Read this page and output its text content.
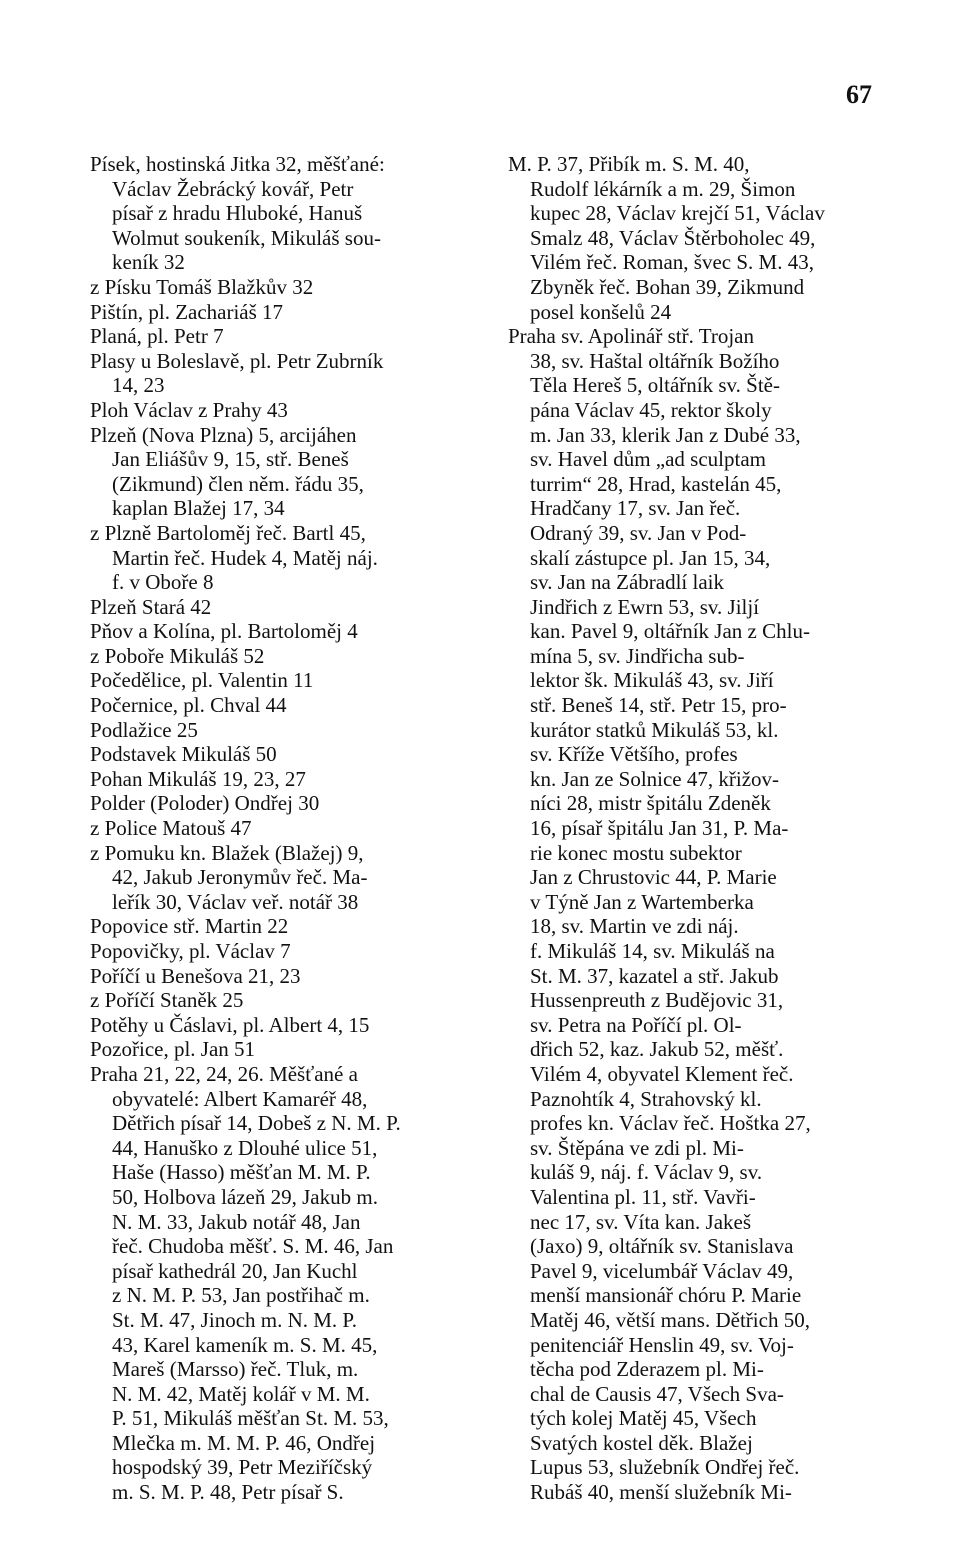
67

Písek, hostinská Jitka 32, měšťané:
Václav Žebrácký kovář, Petr
písař z hradu Hluboké, Hanuš
Wolmut soukeník, Mikuláš sou-
keník 32

z Písku Tomáš Blažkův 32

Pištín, pl. Zachariáš 17

Planá, pl. Petr 7

Plasy u Boleslavě, pl. Petr Zubrník
14, 23

Ploh Václav z Prahy 43

Plzeň (Nova Plzna) 5, arcijáhen
Jan Eliášův 9, 15, stř. Beneš
(Zikmund) člen něm. řádu 35,
kaplan Blažej 17, 34

z Plzně Bartoloměj řeč. Bartl 45,
Martin řeč. Hudek 4, Matěj náj.
f. v Oboře 8

Plzeň Stará 42

Pňov a Kolína, pl. Bartoloměj 4

z Poboře Mikuláš 52

Počedělice, pl. Valentin 11

Počernice, pl. Chval 44

Podlažice 25

Podstavek Mikuláš 50

Pohan Mikuláš 19, 23, 27

Polder (Poloder) Ondřej 30

z Police Matouš 47

z Pomuku kn. Blažek (Blažej) 9,
42, Jakub Jeronymův řeč. Ma-
leřík 30, Václav veř. notář 38

Popovice stř. Martin 22

Popovičky, pl. Václav 7

Poříčí u Benešova 21, 23

z Poříčí Staněk 25

Potěhy u Čáslavi, pl. Albert 4, 15

Pozořice, pl. Jan 51

Praha 21, 22, 24, 26. Měšťané a
obyvatelé: Albert Kamaréř 48,
Dětřich písař 14, Dobeš z N. M. P.
44, Hanuško z Dlouhé ulice 51,
Haše (Hasso) měšťan M. M. P.
50, Holbova lázeň 29, Jakub m.
N. M. 33, Jakub notář 48, Jan
řeč. Chudoba měšť. S. M. 46, Jan
písař kathedrál 20, Jan Kuchl
z N. M. P. 53, Jan postřihač m.
St. M. 47, Jinoch m. N. M. P.
43, Karel kameník m. S. M. 45,
Mareš (Marsso) řeč. Tluk, m.
N. M. 42, Matěj kolář v M. M.
P. 51, Mikuláš měšťan St. M. 53,
Mlečka m. M. M. P. 46, Ondřej
hospodský 39, Petr Meziříčský
m. S. M. P. 48, Petr písař S.

M. P. 37, Přibík m. S. M. 40,
Rudolf lékárník a m. 29, Šimon
kupec 28, Václav krejčí 51, Václav
Smalz 48, Václav Štěrboholec 49,
Vilém řeč. Roman, švec S. M. 43,
Zbyněk řeč. Bohan 39, Zikmund
posel konšelů 24

Praha sv. Apolinář stř. Trojan
38, sv. Haštal oltářník Božího
Těla Hereš 5, oltářník sv. Ště-
pána Václav 45, rektor školy
m. Jan 33, klerik Jan z Dubé 33,
sv. Havel dům „ad sculptam
turrim“ 28, Hrad, kastelán 45,
Hradčany 17, sv. Jan řeč.
Odraný 39, sv. Jan v Pod-
skalí zástupce pl. Jan 15, 34,
sv. Jan na Zábradlí laik
Jindřich z Ewrn 53, sv. Jiljí
kan. Pavel 9, oltářník Jan z Chlu-
mína 5, sv. Jindřicha sub-
lektor šk. Mikuláš 43, sv. Jiří
stř. Beneš 14, stř. Petr 15, pro-
kurátor statků Mikuláš 53, kl.
sv. Kříže Většího, profes
kn. Jan ze Solnice 47, křižov-
níci 28, mistr špitálu Zdeněk
16, písař špitálu Jan 31, P. Ma-
rie konec mostu subektor
Jan z Chrustovic 44, P. Marie
v Týně Jan z Wartemberka
18, sv. Martin ve zdi náj.
f. Mikuláš 14, sv. Mikuláš na
St. M. 37, kazatel a stř. Jakub
Hussenpreuth z Budějovic 31,
sv. Petra na Poříčí pl. Ol-
dřich 52, kaz. Jakub 52, měšť.
Vilém 4, obyvatel Klement řeč.
Paznohtík 4, Strahovský kl.
profes kn. Václav řeč. Hoštka 27,
sv. Štěpána ve zdi pl. Mi-
kuláš 9, náj. f. Václav 9, sv.
Valentina pl. 11, stř. Vavři-
nec 17, sv. Víta kan. Jakeš
(Jaxo) 9, oltářník sv. Stanislava
Pavel 9, vicelumbář Václav 49,
menší mansionář chóru P. Marie
Matěj 46, větší mans. Dětřich 50,
penitenciář Henslin 49, sv. Voj-
těcha pod Zderazem pl. Mi-
chal de Causis 47, Všech Sva-
tých kolej Matěj 45, Všech
Svatých kostel děk. Blažej
Lupus 53, služebník Ondřej řeč.
Rubáš 40, menší služebník Mi-
